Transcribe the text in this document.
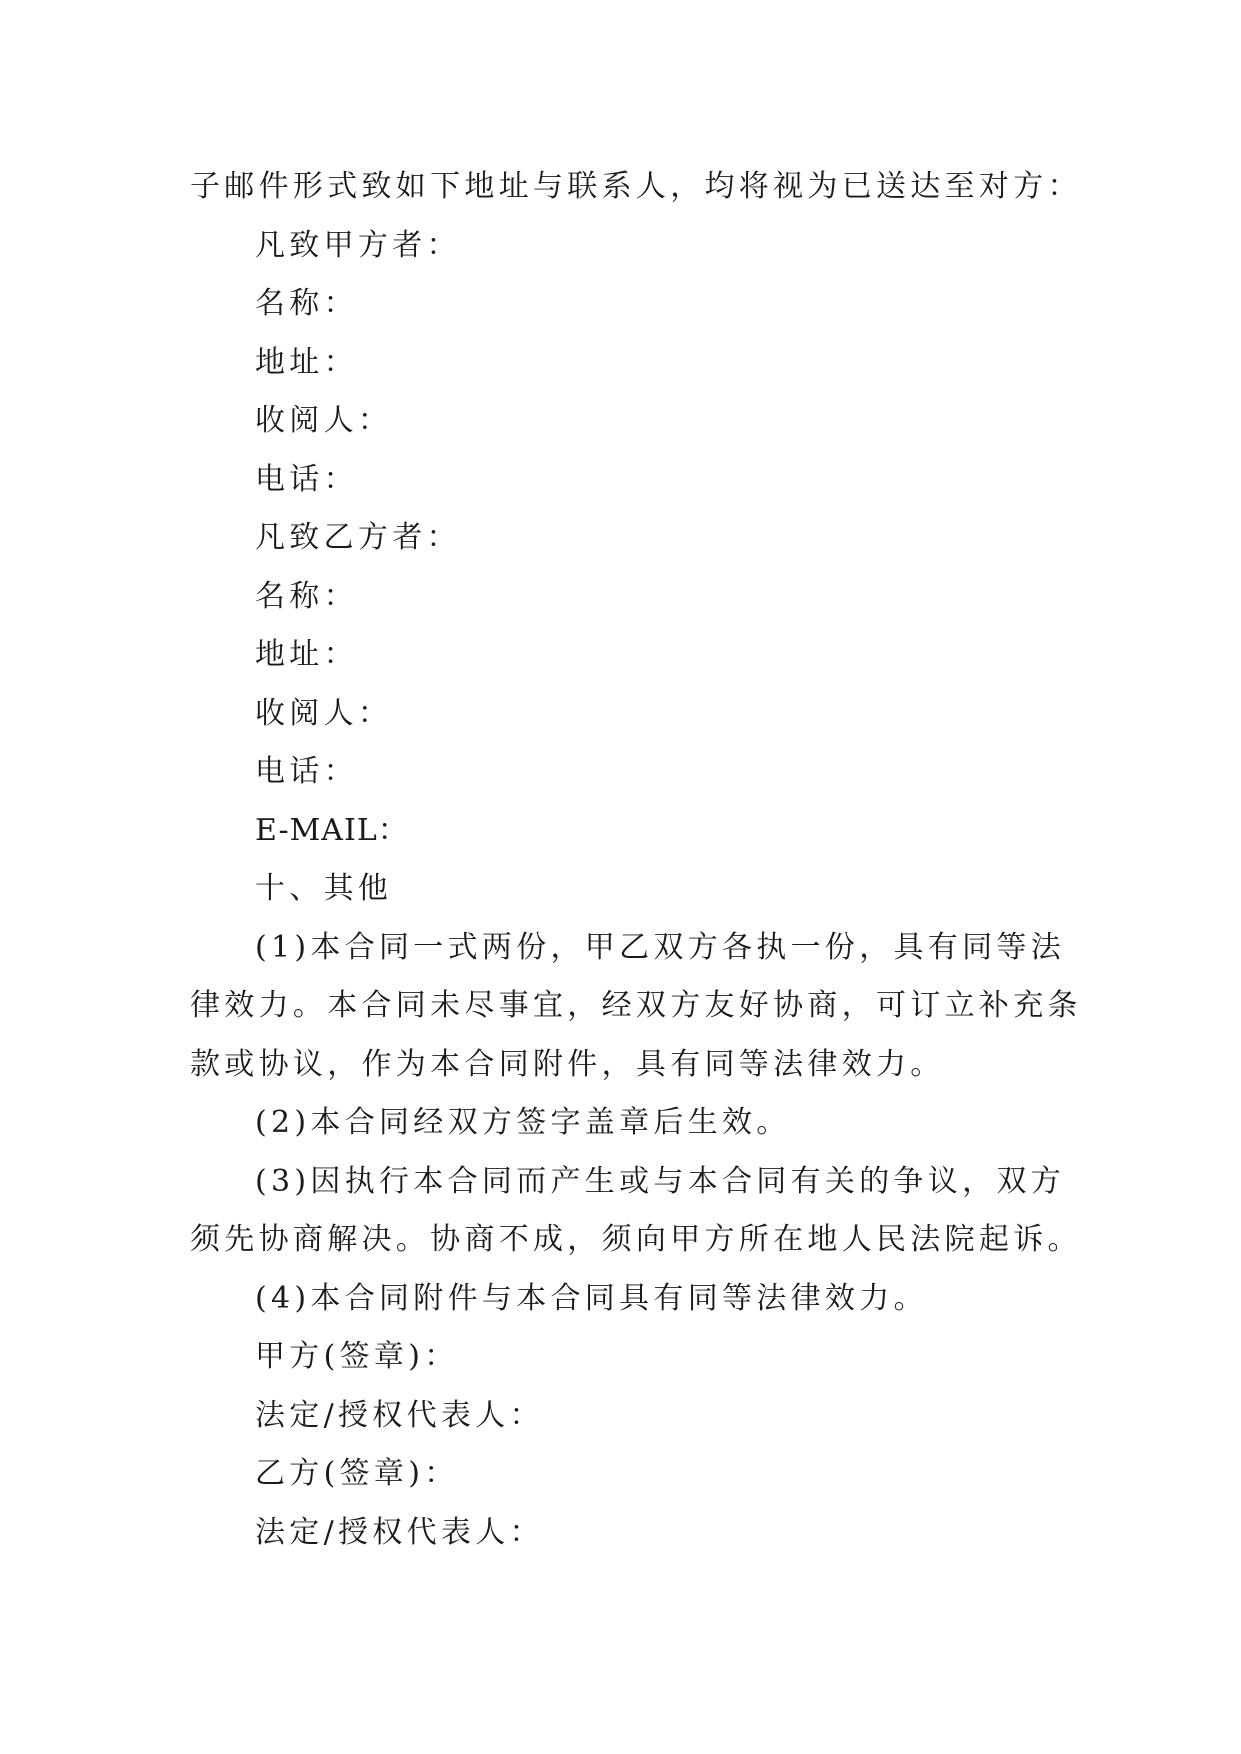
子邮件形式致如下地址与联系人，均将视为已送达至对方：
凡致甲方者：
名称：
地址：
收阅人：
电话：
凡致乙方者：
名称：
地址：
收阅人：
电话：
E-MAIL：
十、其他
(1)本合同一式两份，甲乙双方各执一份，具有同等法
律效力。本合同未尽事宜，经双方友好协商，可订立补充条
款或协议，作为本合同附件，具有同等法律效力。
(2)本合同经双方签字盖章后生效。
(3)因执行本合同而产生或与本合同有关的争议，双方
须先协商解决。协商不成，须向甲方所在地人民法院起诉。
(4)本合同附件与本合同具有同等法律效力。
甲方(签章)：
法定/授权代表人：
乙方(签章)：
法定/授权代表人：
